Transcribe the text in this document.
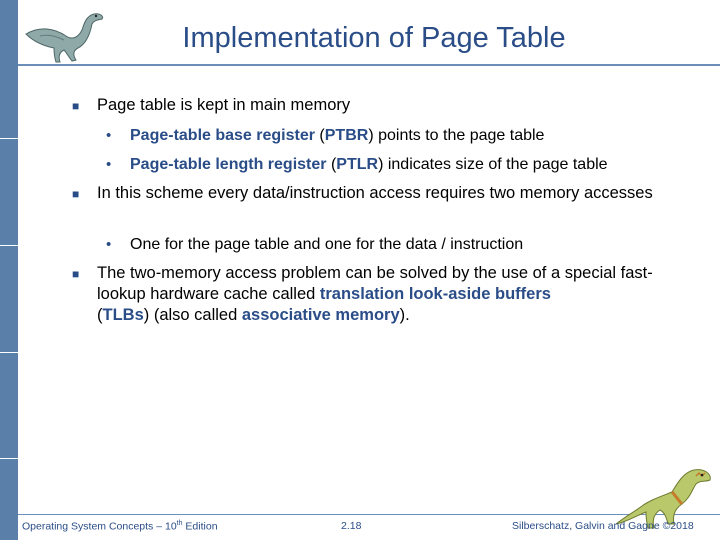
Implementation of Page Table
■ Page table is kept in main memory
• Page-table base register (PTBR) points to the page table
• Page-table length register (PTLR) indicates size of the page table
■ In this scheme every data/instruction access requires two memory accesses
• One for the page table and one for the data / instruction
■ The two-memory access problem can be solved by the use of a special fast-lookup hardware cache called translation look-aside buffers
(TLBs) (also called associative memory).
Operating System Concepts – 10th Edition	2.18	Silberschatz, Galvin and Gagne ©2018
